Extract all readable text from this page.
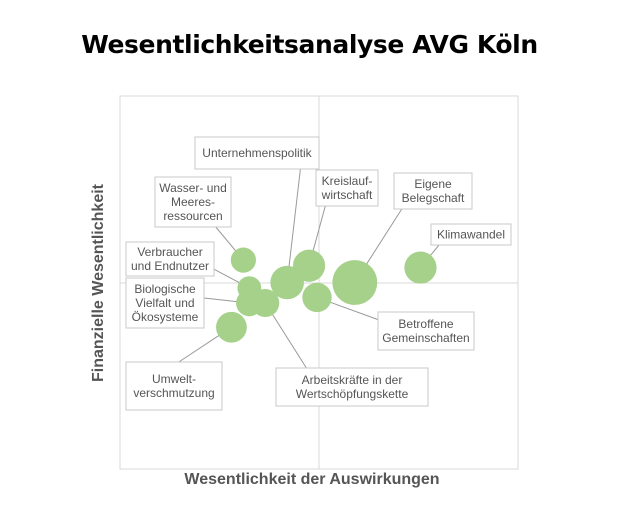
Wesentlichkeitsanalyse AVG Köln
Unternehmenspolitik
Wasser- und
Meeres-
ressourcen
Kreislauf-
wirtschaft
Eigene
Belegschaft
Klimawandel
Verbraucher
und Endnutzer
Biologische
Vielfalt und
Ökosysteme	Betroffene
Gemeinschaften
Arbeitskräfte in der
Wertschöpfungskette
Umwelt-
verschmutzung
Wesentlichkeit der Auswirkungen
Finanzielle Wesentlichkeit
